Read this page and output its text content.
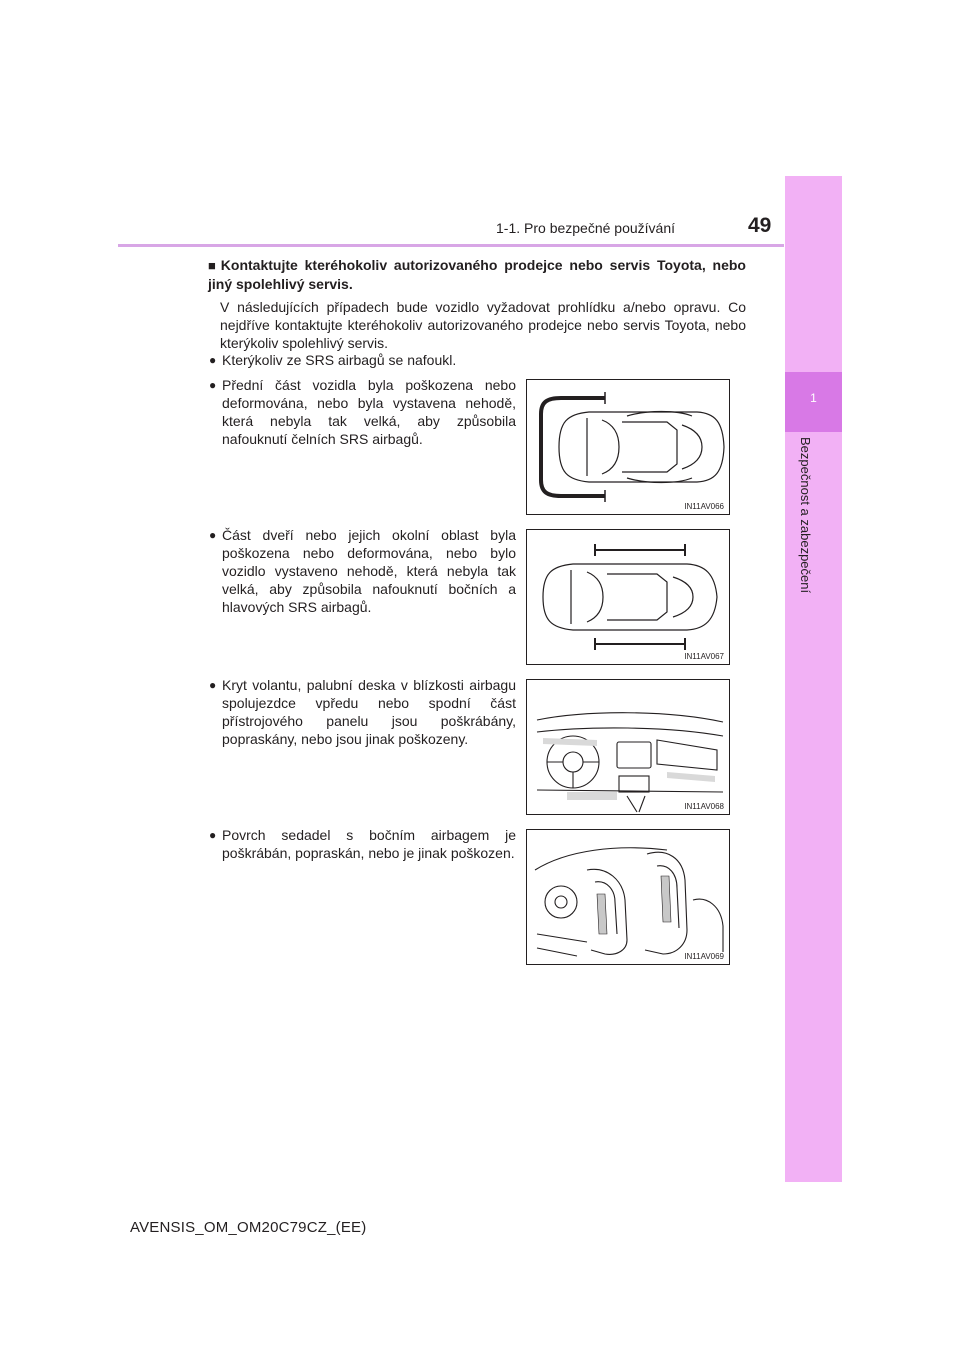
1-1. Pro bezpečné používání	49
1
Bezpečnost a zabezpečení

■ Kontaktujte kteréhokoliv autorizovaného prodejce nebo servis Toyota, nebo jiný spolehlivý servis.

V následujících případech bude vozidlo vyžadovat prohlídku a/nebo opravu. Co nejdříve kontaktujte kteréhokoliv autorizovaného prodejce nebo servis Toyota, nebo kterýkoliv spolehlivý servis.

● Kterýkoliv ze SRS airbagů se nafoukl.
● Přední část vozidla byla poškozena nebo deformována, nebo byla vystavena nehodě, která nebyla tak velká, aby způsobila nafouknutí čelních SRS airbagů.
● Část dveří nebo jejich okolní oblast byla poškozena nebo deformována, nebo bylo vozidlo vystaveno nehodě, která nebyla tak velká, aby způsobila nafouknutí bočních a hlavových SRS airbagů.
● Kryt volantu, palubní deska v blízkosti airbagu spolujezdce vpředu nebo spodní část přístrojového panelu jsou poškrábány, popraskány, nebo jsou jinak poškozeny.
● Povrch sedadel s bočním airbagem je poškrábán, popraskán, nebo je jinak poškozen.
IN11AV066
IN11AV067
IN11AV068
IN11AV069
AVENSIS_OM_OM20C79CZ_(EE)
